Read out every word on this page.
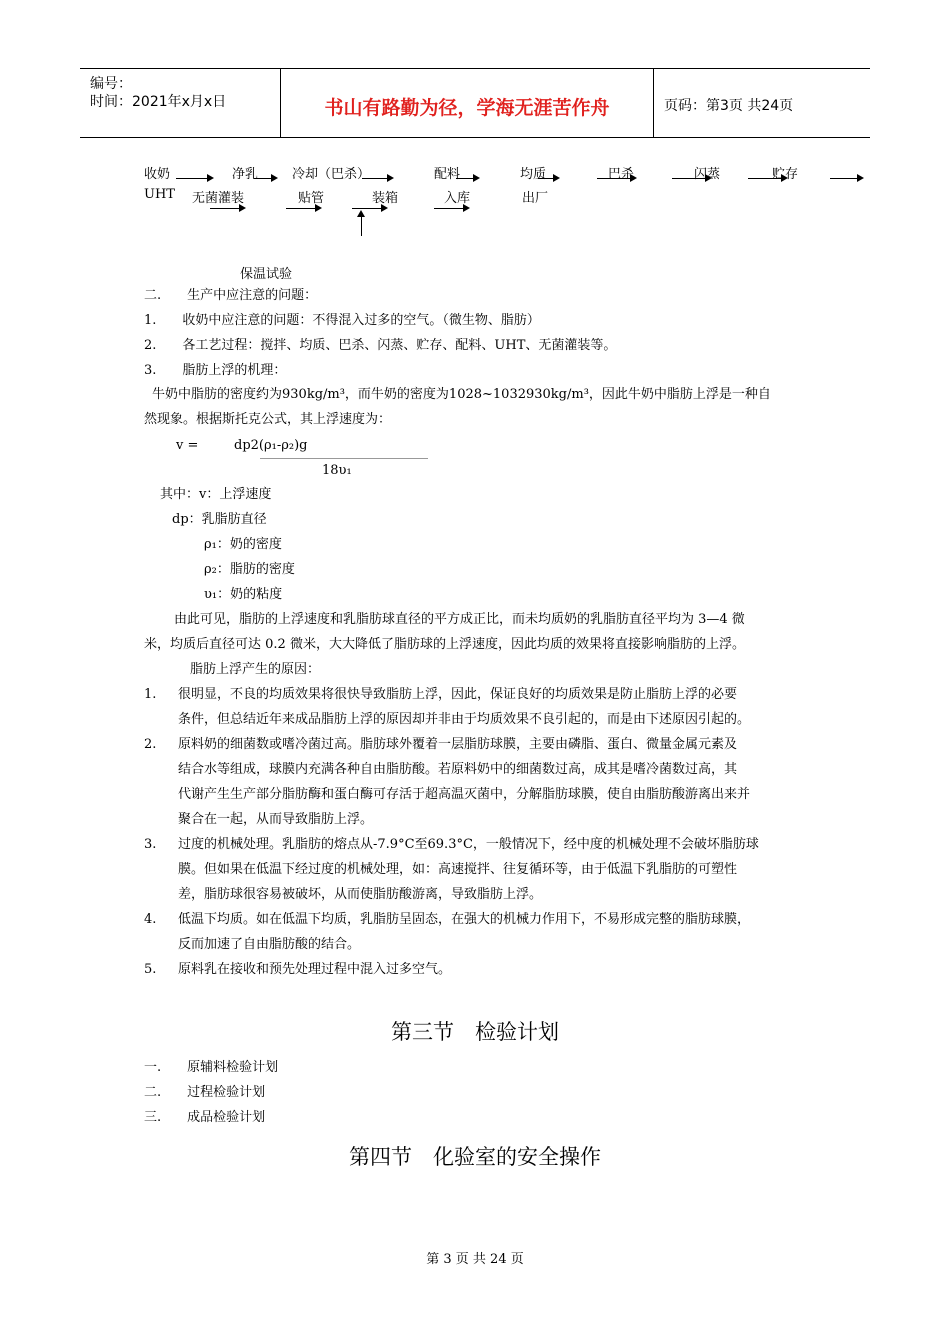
编号：
时间：2021年x月x日	书山有路勤为径，学海无涯苦作舟	页码：第3页 共24页
收奶	净乳	冷却（巴杀）	配料	均质	巴杀	闪蒸	贮存
UHT 无菌灌装	贴管	装箱	入库	出厂
保温试验
二.　　生产中应注意的问题：
1.　　收奶中应注意的问题：不得混入过多的空气。（微生物、脂肪）
2.　　各工艺过程：搅拌、均质、巴杀、闪蒸、贮存、配料、UHT、无菌灌装等。
3.　　脂肪上浮的机理：
牛奶中脂肪的密度约为930kg/m³，而牛奶的密度为1028~1032930kg/m³，因此牛奶中脂肪上浮是一种自
然现象。根据斯托克公式，其上浮速度为：
v =	dp2(ρ₁-ρ₂)g
18υ₁
其中：v：上浮速度
dp：乳脂肪直径
ρ₁：奶的密度
ρ₂：脂肪的密度
υ₁：奶的粘度
由此可见，脂肪的上浮速度和乳脂肪球直径的平方成正比，而未均质奶的乳脂肪直径平均为 3—4 微
米，均质后直径可达 0.2 微米，大大降低了脂肪球的上浮速度，因此均质的效果将直接影响脂肪的上浮。
脂肪上浮产生的原因：
1. 很明显，不良的均质效果将很快导致脂肪上浮，因此，保证良好的均质效果是防止脂肪上浮的必要
条件，但总结近年来成品脂肪上浮的原因却并非由于均质效果不良引起的，而是由下述原因引起的。
2. 原料奶的细菌数或嗜冷菌过高。脂肪球外覆着一层脂肪球膜，主要由磷脂、蛋白、微量金属元素及
结合水等组成，球膜内充满各种自由脂肪酸。若原料奶中的细菌数过高，成其是嗜冷菌数过高，其
代谢产生生产部分脂肪酶和蛋白酶可存活于超高温灭菌中，分解脂肪球膜，使自由脂肪酸游离出来并
聚合在一起，从而导致脂肪上浮。
3. 过度的机械处理。乳脂肪的熔点从-7.9°C至69.3°C，一般情况下，经中度的机械处理不会破坏脂肪球
膜。但如果在低温下经过度的机械处理，如：高速搅拌、往复循环等，由于低温下乳脂肪的可塑性
差，脂肪球很容易被破坏，从而使脂肪酸游离，导致脂肪上浮。
4. 低温下均质。如在低温下均质，乳脂肪呈固态，在强大的机械力作用下，不易形成完整的脂肪球膜，
反而加速了自由脂肪酸的结合。
5. 原料乳在接收和预先处理过程中混入过多空气。
第三节　检验计划
一.　　原辅料检验计划
二.　　过程检验计划
三.　　成品检验计划
第四节　化验室的安全操作
第 3 页 共 24 页
